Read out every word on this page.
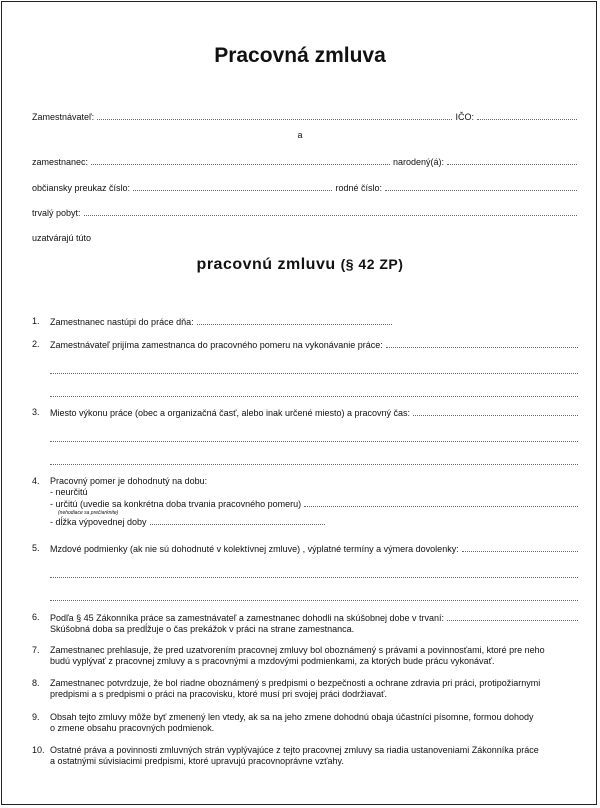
Pracovná zmluva
Zamestnávateľ:	IČO:
a
zamestnanec:	narodený(á):
občiansky preukaz číslo:	rodné číslo:
trvalý pobyt:
uzatvárajú túto
pracovnú zmluvu (§ 42 ZP)
1. Zamestnanec nastúpi do práce dňa:
2. Zamestnávateľ prijíma zamestnanca do pracovného pomeru na vykonávanie práce:
3. Miesto výkonu práce (obec a organizačná časť, alebo inak určené miesto) a pracovný čas:
4. Pracovný pomer je dohodnutý na dobu:
- neurčitú
- určitú (uvedie sa konkrétna doba trvania pracovného pomeru)
(nehodiace sa prečiarknite)
- dĺžka výpovednej doby
5. Mzdové podmienky (ak nie sú dohodnuté v kolektívnej zmluve) , výplatné termíny a výmera dovolenky:
6. Podľa § 45 Zákonníka práce sa zamestnávateľ a zamestnanec dohodli na skúšobnej dobe v trvaní:
Skúšobná doba sa predĺžuje o čas prekážok v práci na strane zamestnanca.
7. Zamestnanec prehlasuje, že pred uzatvorením pracovnej zmluvy bol oboznámený s právami a povinnosťami, ktoré pre neho
budú vyplývať z pracovnej zmluvy a s pracovnými a mzdovými podmienkami, za ktorých bude prácu vykonávať.
8. Zamestnanec potvrdzuje, že bol riadne oboznámený s predpismi o bezpečnosti a ochrane zdravia pri práci, protipožiarnymi
predpismi a s predpismi o práci na pracovisku, ktoré musí pri svojej práci dodržiavať.
9. Obsah tejto zmluvy môže byť zmenený len vtedy, ak sa na jeho zmene dohodnú obaja účastníci písomne, formou dohody
o zmene obsahu pracovných podmienok.
10. Ostatné práva a povinnosti zmluvných strán vyplývajúce z tejto pracovnej zmluvy sa riadia ustanoveniami Zákonníka práce
a ostatnými súvisiacimi predpismi, ktoré upravujú pracovnoprávne vzťahy.
